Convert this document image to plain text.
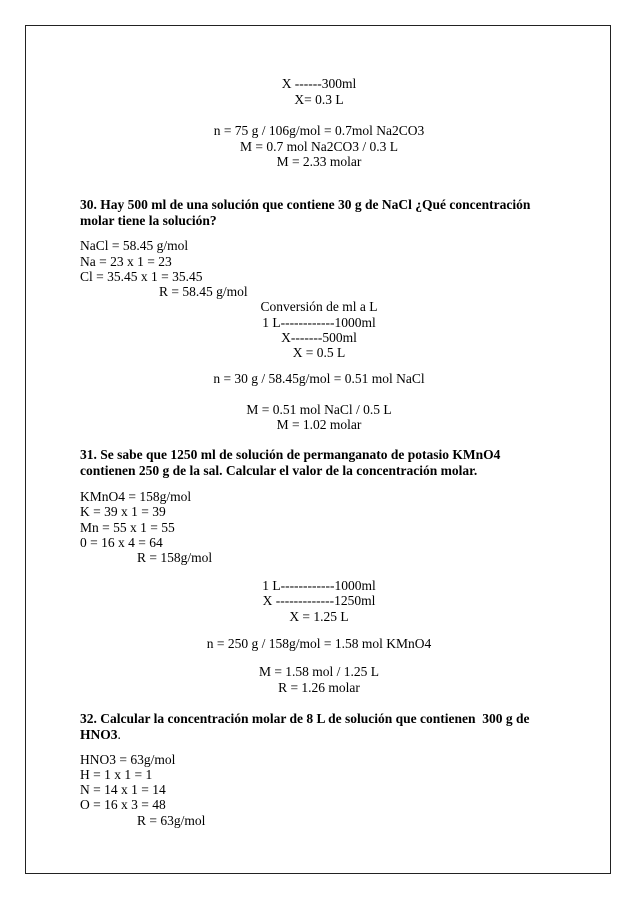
X ------300ml
X= 0.3 L
n = 75 g / 106g/mol = 0.7mol Na2CO3
M = 0.7 mol Na2CO3 / 0.3 L
M = 2.33 molar
30. Hay 500 ml de una solución que contiene 30 g de NaCl ¿Qué concentración
molar tiene la solución?
NaCl = 58.45 g/mol
Na = 23 x 1 = 23
Cl = 35.45 x 1 = 35.45
R = 58.45 g/mol
Conversión de ml a L
1 L------------1000ml
X-------500ml
X = 0.5 L
n = 30 g / 58.45g/mol = 0.51 mol NaCl
M = 0.51 mol NaCl / 0.5 L
M = 1.02 molar
31. Se sabe que 1250 ml de solución de permanganato de potasio KMnO4
contienen 250 g de la sal. Calcular el valor de la concentración molar.
KMnO4 = 158g/mol
K = 39 x 1 = 39
Mn = 55 x 1 = 55
0 = 16 x 4 = 64
R = 158g/mol
1 L------------1000ml
X -------------1250ml
X = 1.25 L
n = 250 g / 158g/mol = 1.58 mol KMnO4
M = 1.58 mol / 1.25 L
R = 1.26 molar
32. Calcular la concentración molar de 8 L de solución que contienen  300 g de
HNO3.
HNO3 = 63g/mol
H = 1 x 1 = 1
N = 14 x 1 = 14
O = 16 x 3 = 48
R = 63g/mol
